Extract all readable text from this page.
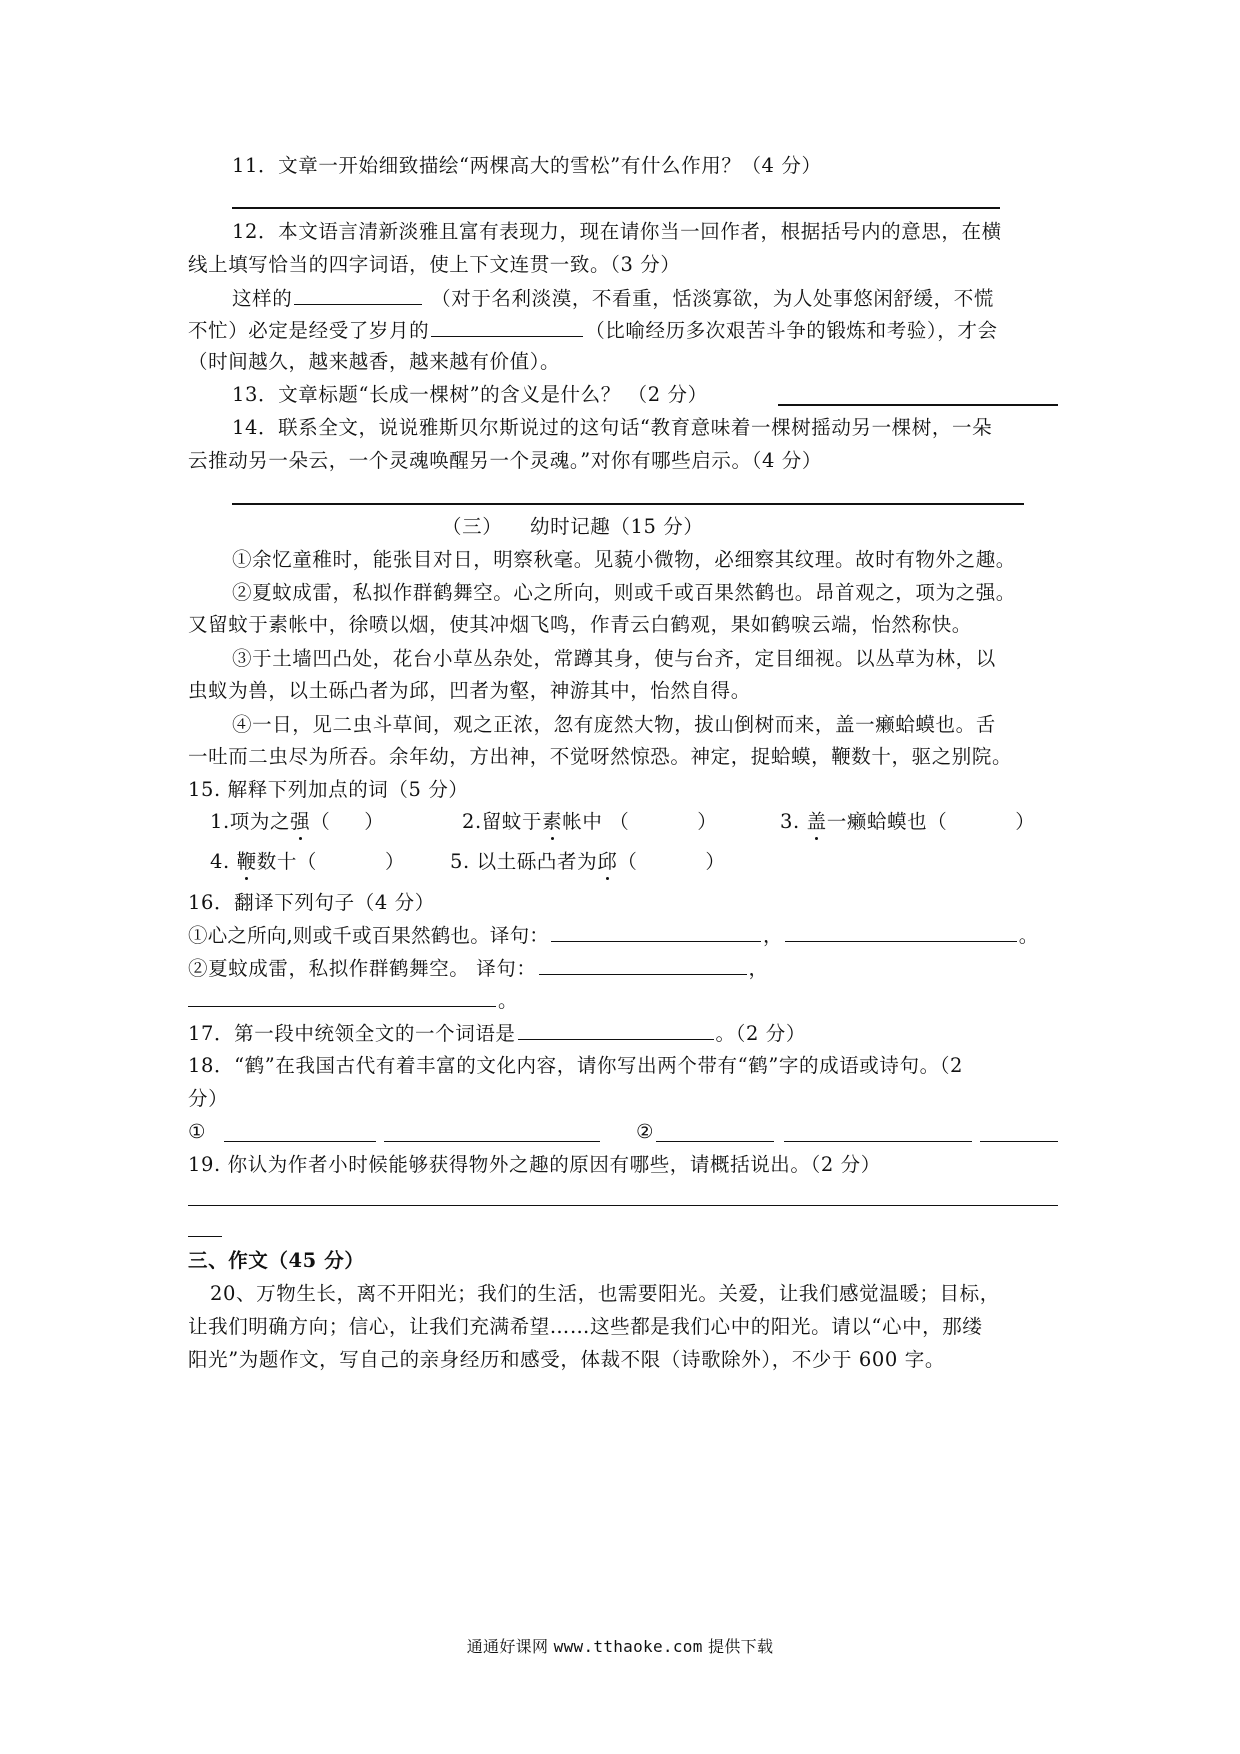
11．文章一开始细致描绘“两棵高大的雪松”有什么作用？（4 分）
12．本文语言清新淡雅且富有表现力，现在请你当一回作者，根据括号内的意思，在横
线上填写恰当的四字词语，使上下文连贯一致。（3 分）
这样的	（对于名利淡漠，不看重，恬淡寡欲，为人处事悠闲舒缓，不慌
不忙）必定是经受了岁月的	（比喻经历多次艰苦斗争的锻炼和考验），才会
（时间越久，越来越香，越来越有价值）。
13．文章标题“长成一棵树”的含义是什么？ （2 分）
14．联系全文，说说雅斯贝尔斯说过的这句话“教育意味着一棵树摇动另一棵树，一朵
云推动另一朵云，一个灵魂唤醒另一个灵魂。”对你有哪些启示。（4 分）
（三） 幼时记趣（15 分）
①余忆童稚时，能张目对日，明察秋毫。见藐小微物，必细察其纹理。故时有物外之趣。
②夏蚊成雷，私拟作群鹤舞空。心之所向，则或千或百果然鹤也。昂首观之，项为之强。
又留蚊于素帐中，徐喷以烟，使其冲烟飞鸣，作青云白鹤观，果如鹤唳云端，怡然称快。
③于土墙凹凸处，花台小草丛杂处，常蹲其身，使与台齐，定目细视。以丛草为林，以
虫蚁为兽，以土砾凸者为邱，凹者为壑，神游其中，怡然自得。
④一日，见二虫斗草间，观之正浓，忽有庞然大物，拔山倒树而来，盖一癞蛤蟆也。舌
一吐而二虫尽为所吞。余年幼，方出神，不觉呀然惊恐。神定，捉蛤蟆，鞭数十，驱之别院。
15. 解释下列加点的词（5 分）
1.项为之强（     ）	2.留蚊于素帐中 （          ）	3. 盖一癞蛤蟆也（          ）
4. 鞭数十（          ） 5. 以土砾凸者为邱（          ）
16．翻译下列句子（4 分）
①心之所向,则或千或百果然鹤也。译句：	，	。
②夏蚊成雷，私拟作群鹤舞空。 译句：	，
。
17．第一段中统领全文的一个词语是	。（2 分）
18．“鹤”在我国古代有着丰富的文化内容，请你写出两个带有“鹤”字的成语或诗句。（2
分）
①	②
19. 你认为作者小时候能够获得物外之趣的原因有哪些，请概括说出。（2 分）
三、作文（45 分）
20、万物生长，离不开阳光；我们的生活，也需要阳光。关爱，让我们感觉温暖；目标，
让我们明确方向；信心，让我们充满希望……这些都是我们心中的阳光。请以“心中，那缕
阳光”为题作文，写自己的亲身经历和感受，体裁不限（诗歌除外），不少于 600 字。
通通好课网 www.tthaoke.com 提供下载
